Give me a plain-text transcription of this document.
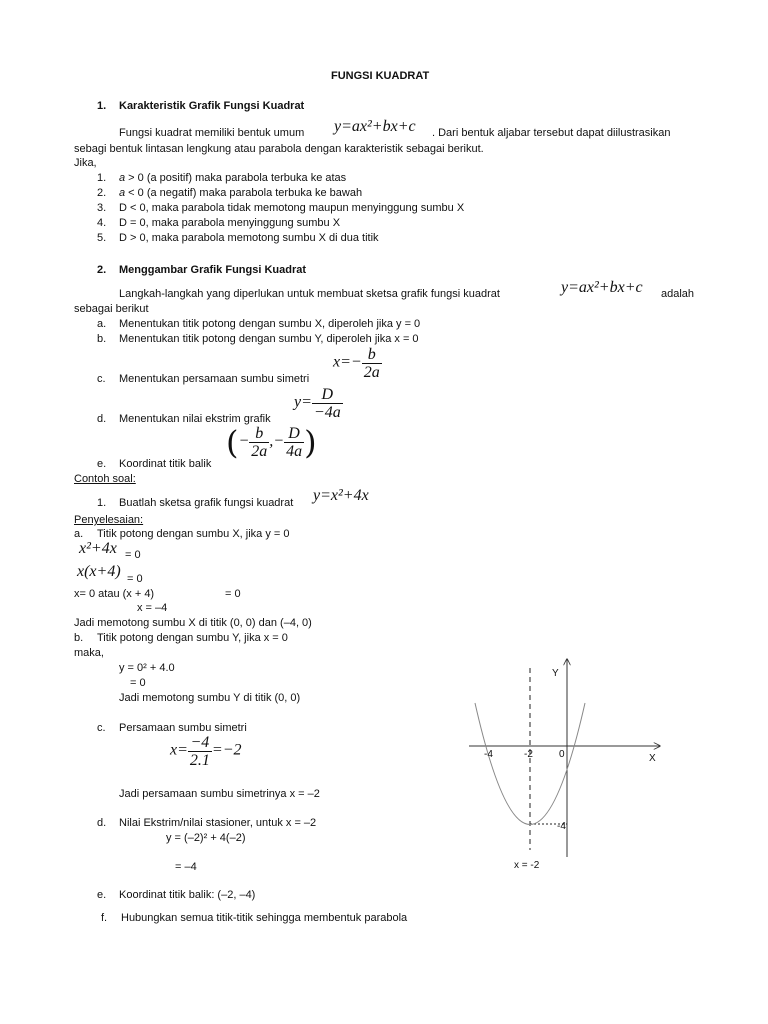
FUNGSI KUADRAT
1. Karakteristik Grafik Fungsi Kuadrat
Fungsi kuadrat memiliki bentuk umum y=ax²+bx+c . Dari bentuk aljabar tersebut dapat diilustrasikan
sebagi bentuk lintasan lengkung atau parabola dengan karakteristik sebagai berikut.
Jika,
1. a > 0 (a positif) maka parabola terbuka ke atas
2. a < 0 (a negatif) maka parabola terbuka ke bawah
3. D < 0, maka parabola tidak memotong maupun menyinggung sumbu X
4. D = 0, maka parabola menyinggung sumbu X
5. D > 0, maka parabola memotong sumbu X di dua titik
2. Menggambar Grafik Fungsi Kuadrat
Langkah-langkah yang diperlukan untuk membuat sketsa grafik fungsi kuadrat	y=ax²+bx+c adalah
sebagai berikut
a. Menentukan titik potong dengan sumbu X, diperoleh jika y = 0
b. Menentukan titik potong dengan sumbu Y, diperoleh jika x = 0
c. Menentukan persamaan sumbu simetri
d. Menentukan nilai ekstrim grafik
e. Koordinat titik balik
$x=- \frac{b}{2a}$
$y= \frac{D}{-4a}$
(− $\frac{b}{2a}$ ,− $\frac{D}{4a}$ )
Contoh soal:
1. Buatlah sketsa grafik fungsi kuadrat y=x²+4x
Penyelesaian:
a. Titik potong dengan sumbu X, jika y = 0
x²+4x = 0
x(x+4) = 0
x= 0 atau (x + 4)	= 0
x = –4
Jadi memotong sumbu X di titik (0, 0) dan (–4, 0)
b. Titik potong dengan sumbu Y, jika x = 0
maka,
y = 0² + 4.0
= 0
Jadi memotong sumbu Y di titik (0, 0)
c. Persamaan sumbu simetri
$x= \frac{-4}{2.1} =-2$
Jadi persamaan sumbu simetrinya x = –2
d. Nilai Ekstrim/nilai stasioner, untuk x = –2
y = (–2)² + 4(–2)
= –4
e. Koordinat titik balik: (–2, –4)
f. Hubungkan semua titik-titik sehingga membentuk parabola
Y
X
-4	-2	0
-4
x = -2
